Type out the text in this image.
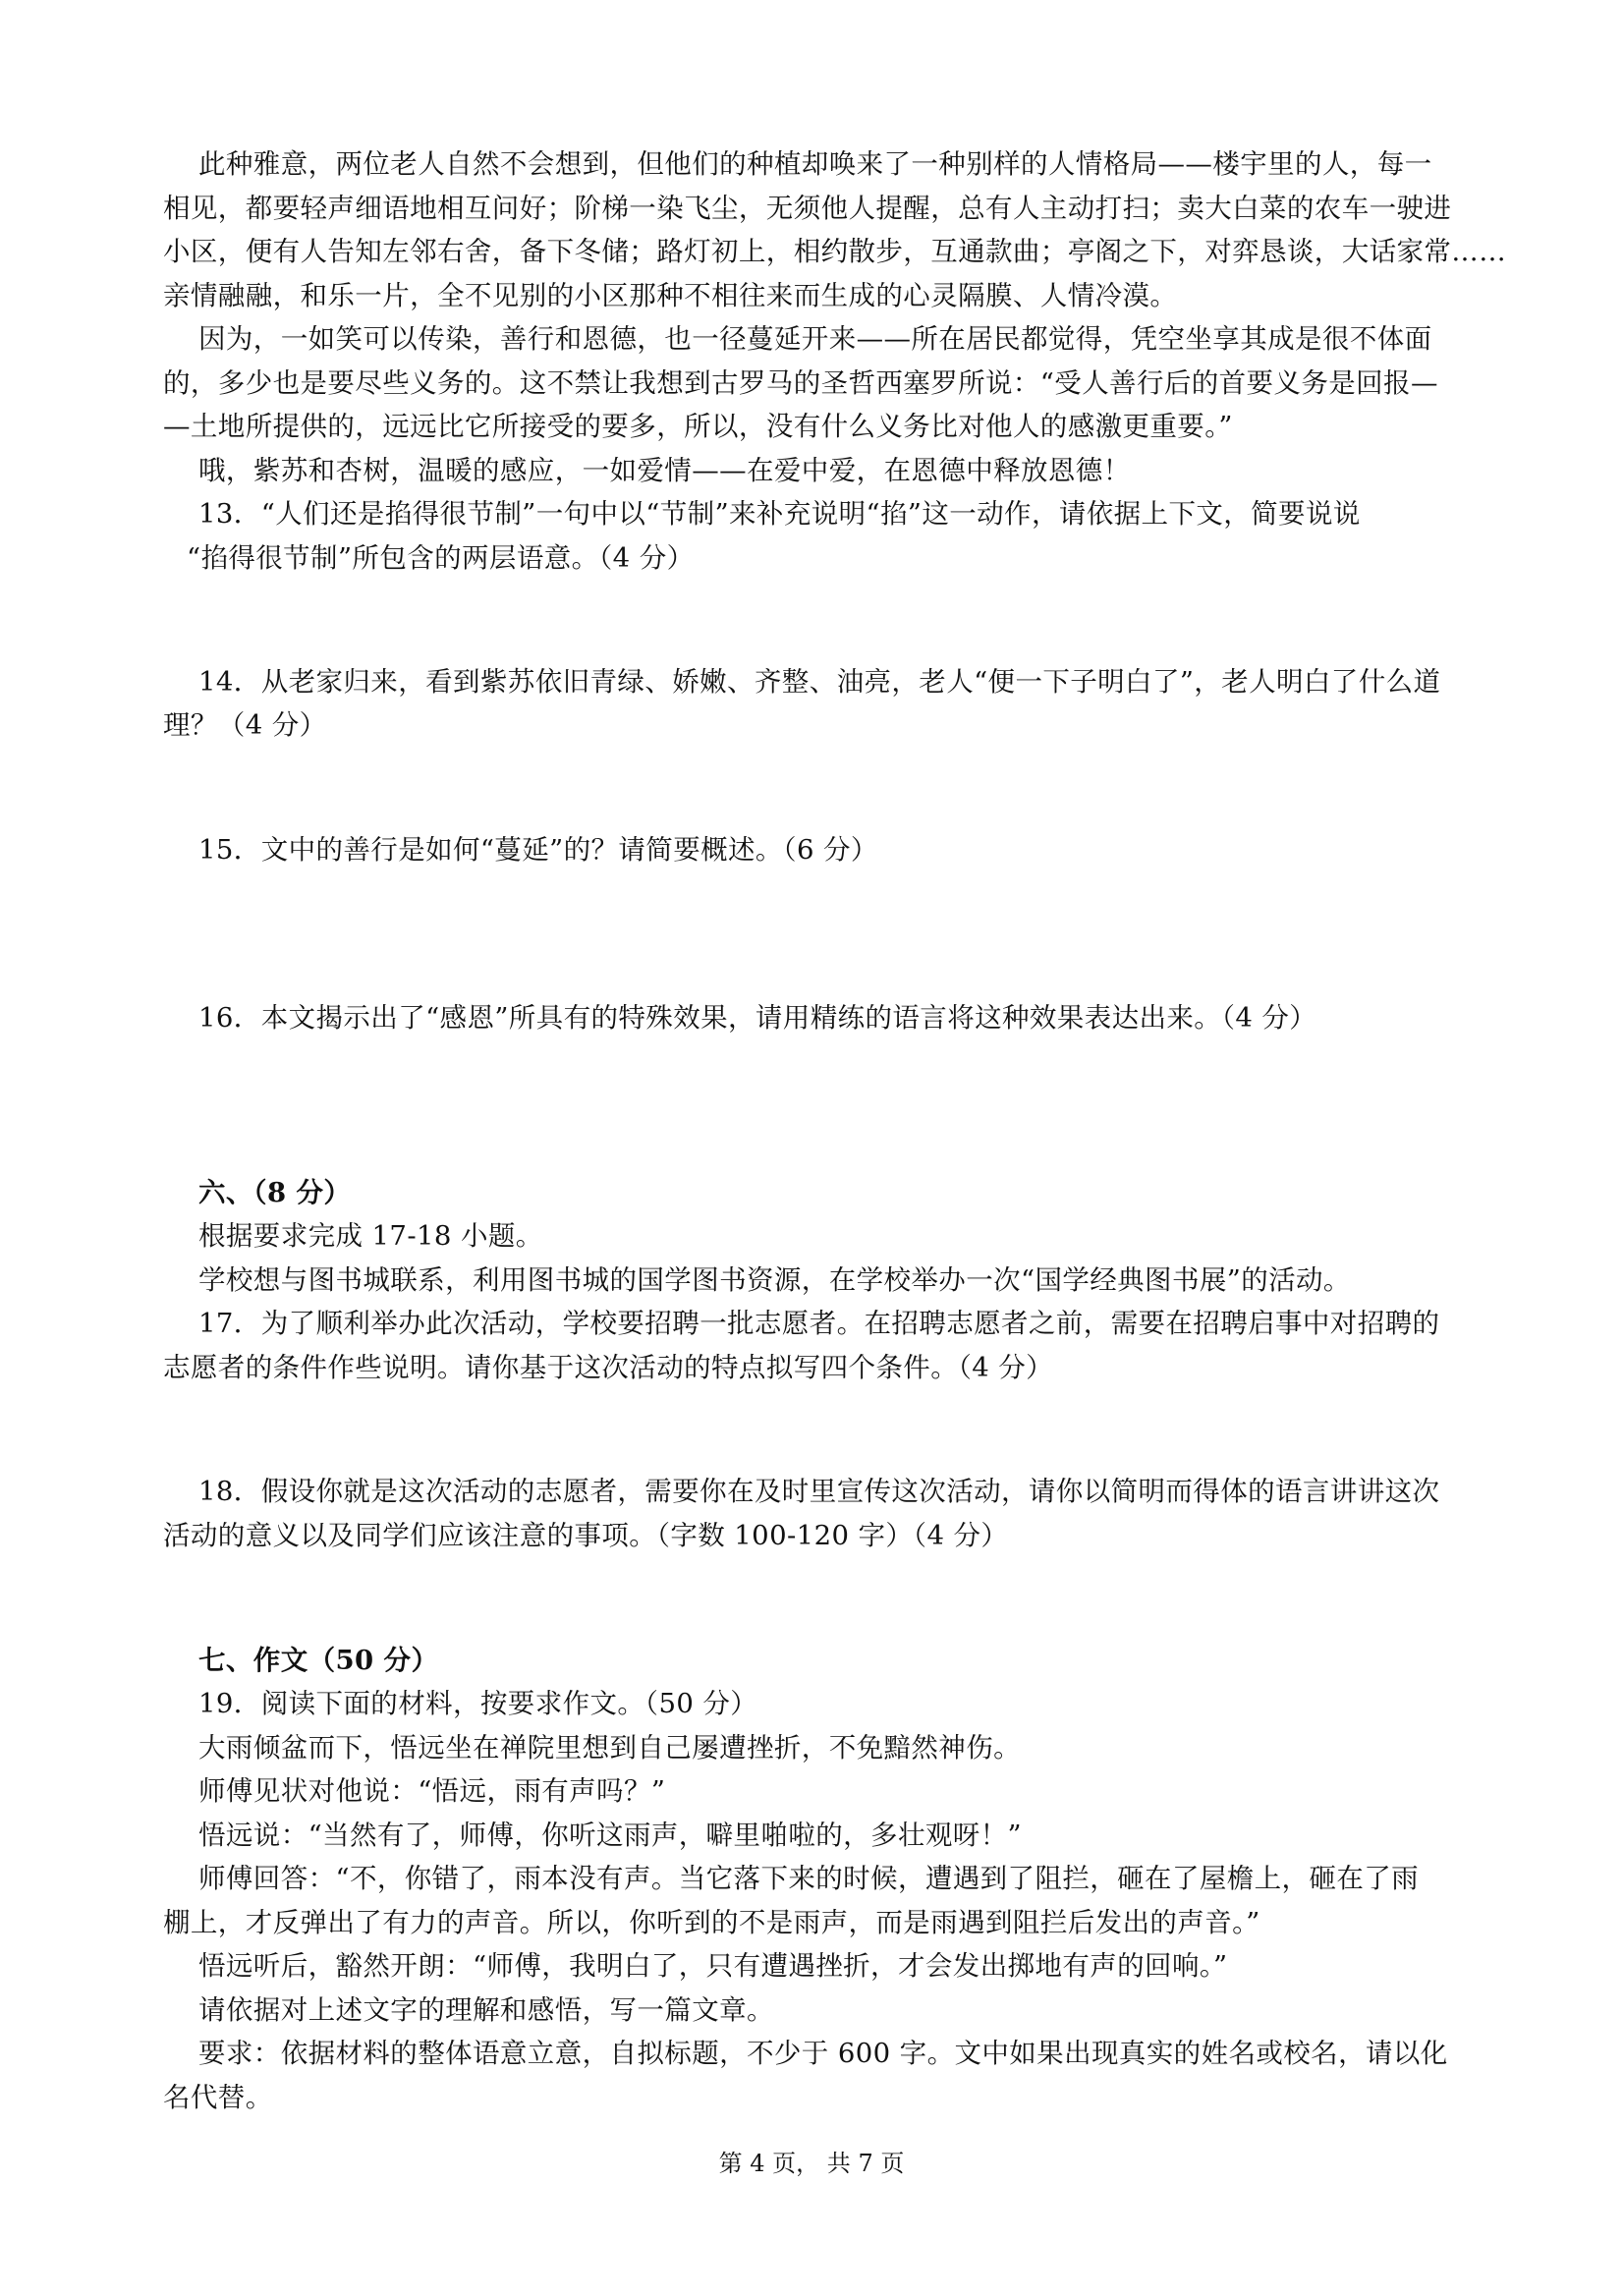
此种雅意，两位老人自然不会想到，但他们的种植却唤来了一种别样的人情格局——楼宇里的人，每一
相见，都要轻声细语地相互问好；阶梯一染飞尘，无须他人提醒，总有人主动打扫；卖大白菜的农车一驶进
小区，便有人告知左邻右舍，备下冬储；路灯初上，相约散步，互通款曲；亭阁之下，对弈恳谈，大话家常……
亲情融融，和乐一片，全不见别的小区那种不相往来而生成的心灵隔膜、人情冷漠。
因为，一如笑可以传染，善行和恩德，也一径蔓延开来——所在居民都觉得，凭空坐享其成是很不体面
的，多少也是要尽些义务的。这不禁让我想到古罗马的圣哲西塞罗所说：“受人善行后的首要义务是回报—
—土地所提供的，远远比它所接受的要多，所以，没有什么义务比对他人的感激更重要。”
哦，紫苏和杏树，温暖的感应，一如爱情——在爱中爱，在恩德中释放恩德！
13．“人们还是掐得很节制”一句中以“节制”来补充说明“掐”这一动作，请依据上下文，简要说说
“掐得很节制”所包含的两层语意。（4 分）
14．从老家归来，看到紫苏依旧青绿、娇嫩、齐整、油亮，老人“便一下子明白了”，老人明白了什么道
理？（4 分）
15．文中的善行是如何“蔓延”的？请简要概述。（6 分）
16．本文揭示出了“感恩”所具有的特殊效果，请用精练的语言将这种效果表达出来。（4 分）
六、（8 分）
根据要求完成 17-18 小题。
学校想与图书城联系，利用图书城的国学图书资源，在学校举办一次“国学经典图书展”的活动。
17．为了顺利举办此次活动，学校要招聘一批志愿者。在招聘志愿者之前，需要在招聘启事中对招聘的
志愿者的条件作些说明。请你基于这次活动的特点拟写四个条件。（4 分）
18．假设你就是这次活动的志愿者，需要你在及时里宣传这次活动，请你以简明而得体的语言讲讲这次
活动的意义以及同学们应该注意的事项。（字数 100-120 字）（4 分）
七、作文（50 分）
19．阅读下面的材料，按要求作文。（50 分）
大雨倾盆而下，悟远坐在禅院里想到自己屡遭挫折，不免黯然神伤。
师傅见状对他说：“悟远，雨有声吗？”
悟远说：“当然有了，师傅，你听这雨声，噼里啪啦的，多壮观呀！”
师傅回答：“不，你错了，雨本没有声。当它落下来的时候，遭遇到了阻拦，砸在了屋檐上，砸在了雨
棚上，才反弹出了有力的声音。所以，你听到的不是雨声，而是雨遇到阻拦后发出的声音。”
悟远听后，豁然开朗：“师傅，我明白了，只有遭遇挫折，才会发出掷地有声的回响。”
请依据对上述文字的理解和感悟，写一篇文章。
要求：依据材料的整体语意立意，自拟标题，不少于 600 字。文中如果出现真实的姓名或校名，请以化
名代替。
第 4 页， 共 7 页
